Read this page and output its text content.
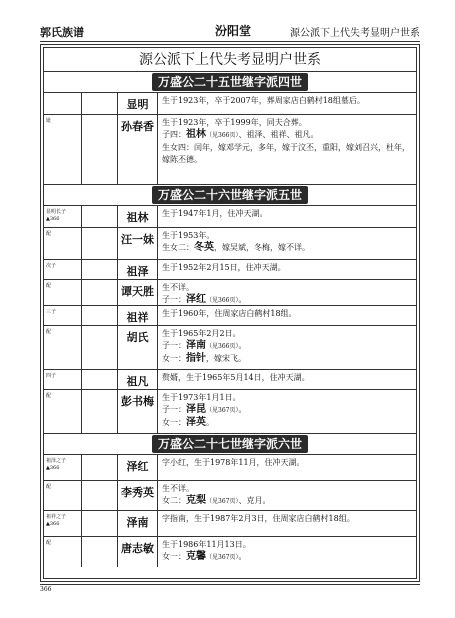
郭氏族谱	汾阳堂	源公派下上代失考显明户世系
源公派下上代失考显明户世系
万盛公二十五世继字派四世
显明	生于1923年，卒于2007年，葬周家店白鹤村18组墓后。
妣	孙春香	生于1923年，卒于1999年，同夫合葬。
子四：祖林（见366页）、祖泽、祖祥、祖凡。
生女四：闰年，嫁邓学元，多年，嫁于汶丕，重阳，嫁刘召兴，杜年，嫁陈丕德。
万盛公二十六世继字派五世
显明长子 ▲366	祖林	生于1947年1月，住冲天湖。
配	汪一妹	生于1953年。
生女二：冬英，嫁吴斌，冬梅，嫁不详。
次子	祖泽	生于1952年2月15日，住冲天湖。
配	谭天胜	生不详。
子一：泽红（见366页）。
三子	祖祥	生于1960年，住周家店白鹤村18组。
配	胡氏	生于1965年2月2日。
子一：泽南（见366页）。
女一：指针，嫁宋飞。
四子	祖凡	赘婿，生于1965年5月14日，住冲天湖。
配	彭书梅	生于1973年1月1日。
子一：泽昆（见367页）。
女一：泽英。
万盛公二十七世继字派六世
祖泽之子 ▲366	泽红	字小红，生于1978年11月，住冲天湖。
配	李秀英	生不详。
女二：克梨（见367页）、克月。
祖祥之子 ▲366	泽南	字指南，生于1987年2月3日，住周家店白鹤村18组。
配	唐志敏	生于1986年11月13日。
女一：克馨（见367页）。
366
